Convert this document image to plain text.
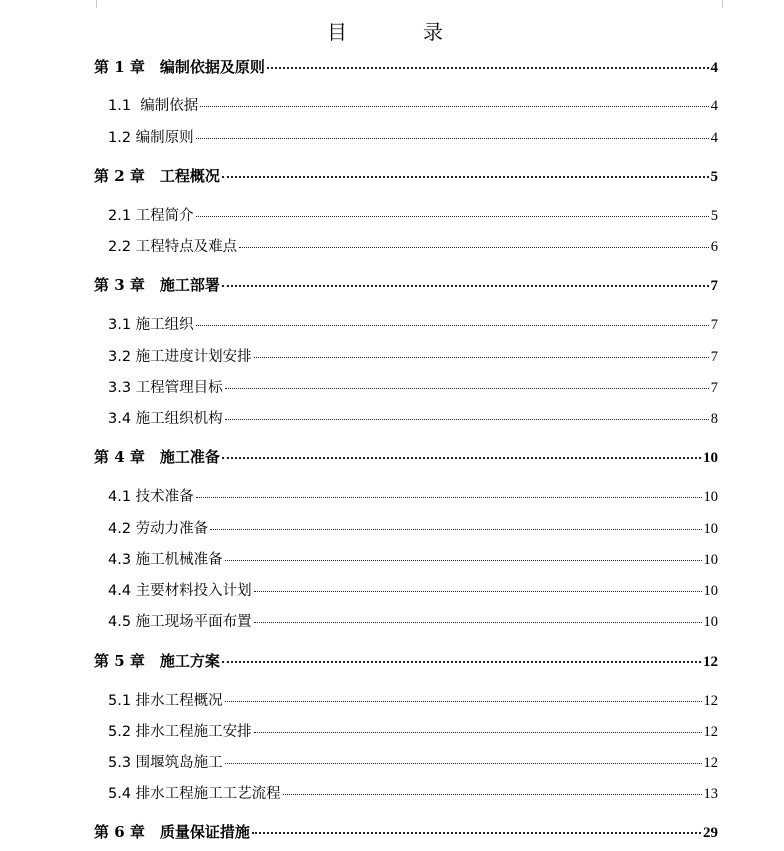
目　录
第 1 章　编制依据及原则	4
1.1  编制依据	4
1.2 编制原则	4
第 2 章　工程概况	5
2.1 工程简介	5
2.2 工程特点及难点	6
第 3 章　施工部署	7
3.1 施工组织	7
3.2 施工进度计划安排	7
3.3 工程管理目标	7
3.4 施工组织机构	8
第 4 章　施工准备	10
4.1 技术准备	10
4.2 劳动力准备	10
4.3 施工机械准备	10
4.4 主要材料投入计划	10
4.5 施工现场平面布置	10
第 5 章　施工方案	12
5.1 排水工程概况	12
5.2 排水工程施工安排	12
5.3 围堰筑岛施工	12
5.4 排水工程施工工艺流程	13
第 6 章　质量保证措施	29
